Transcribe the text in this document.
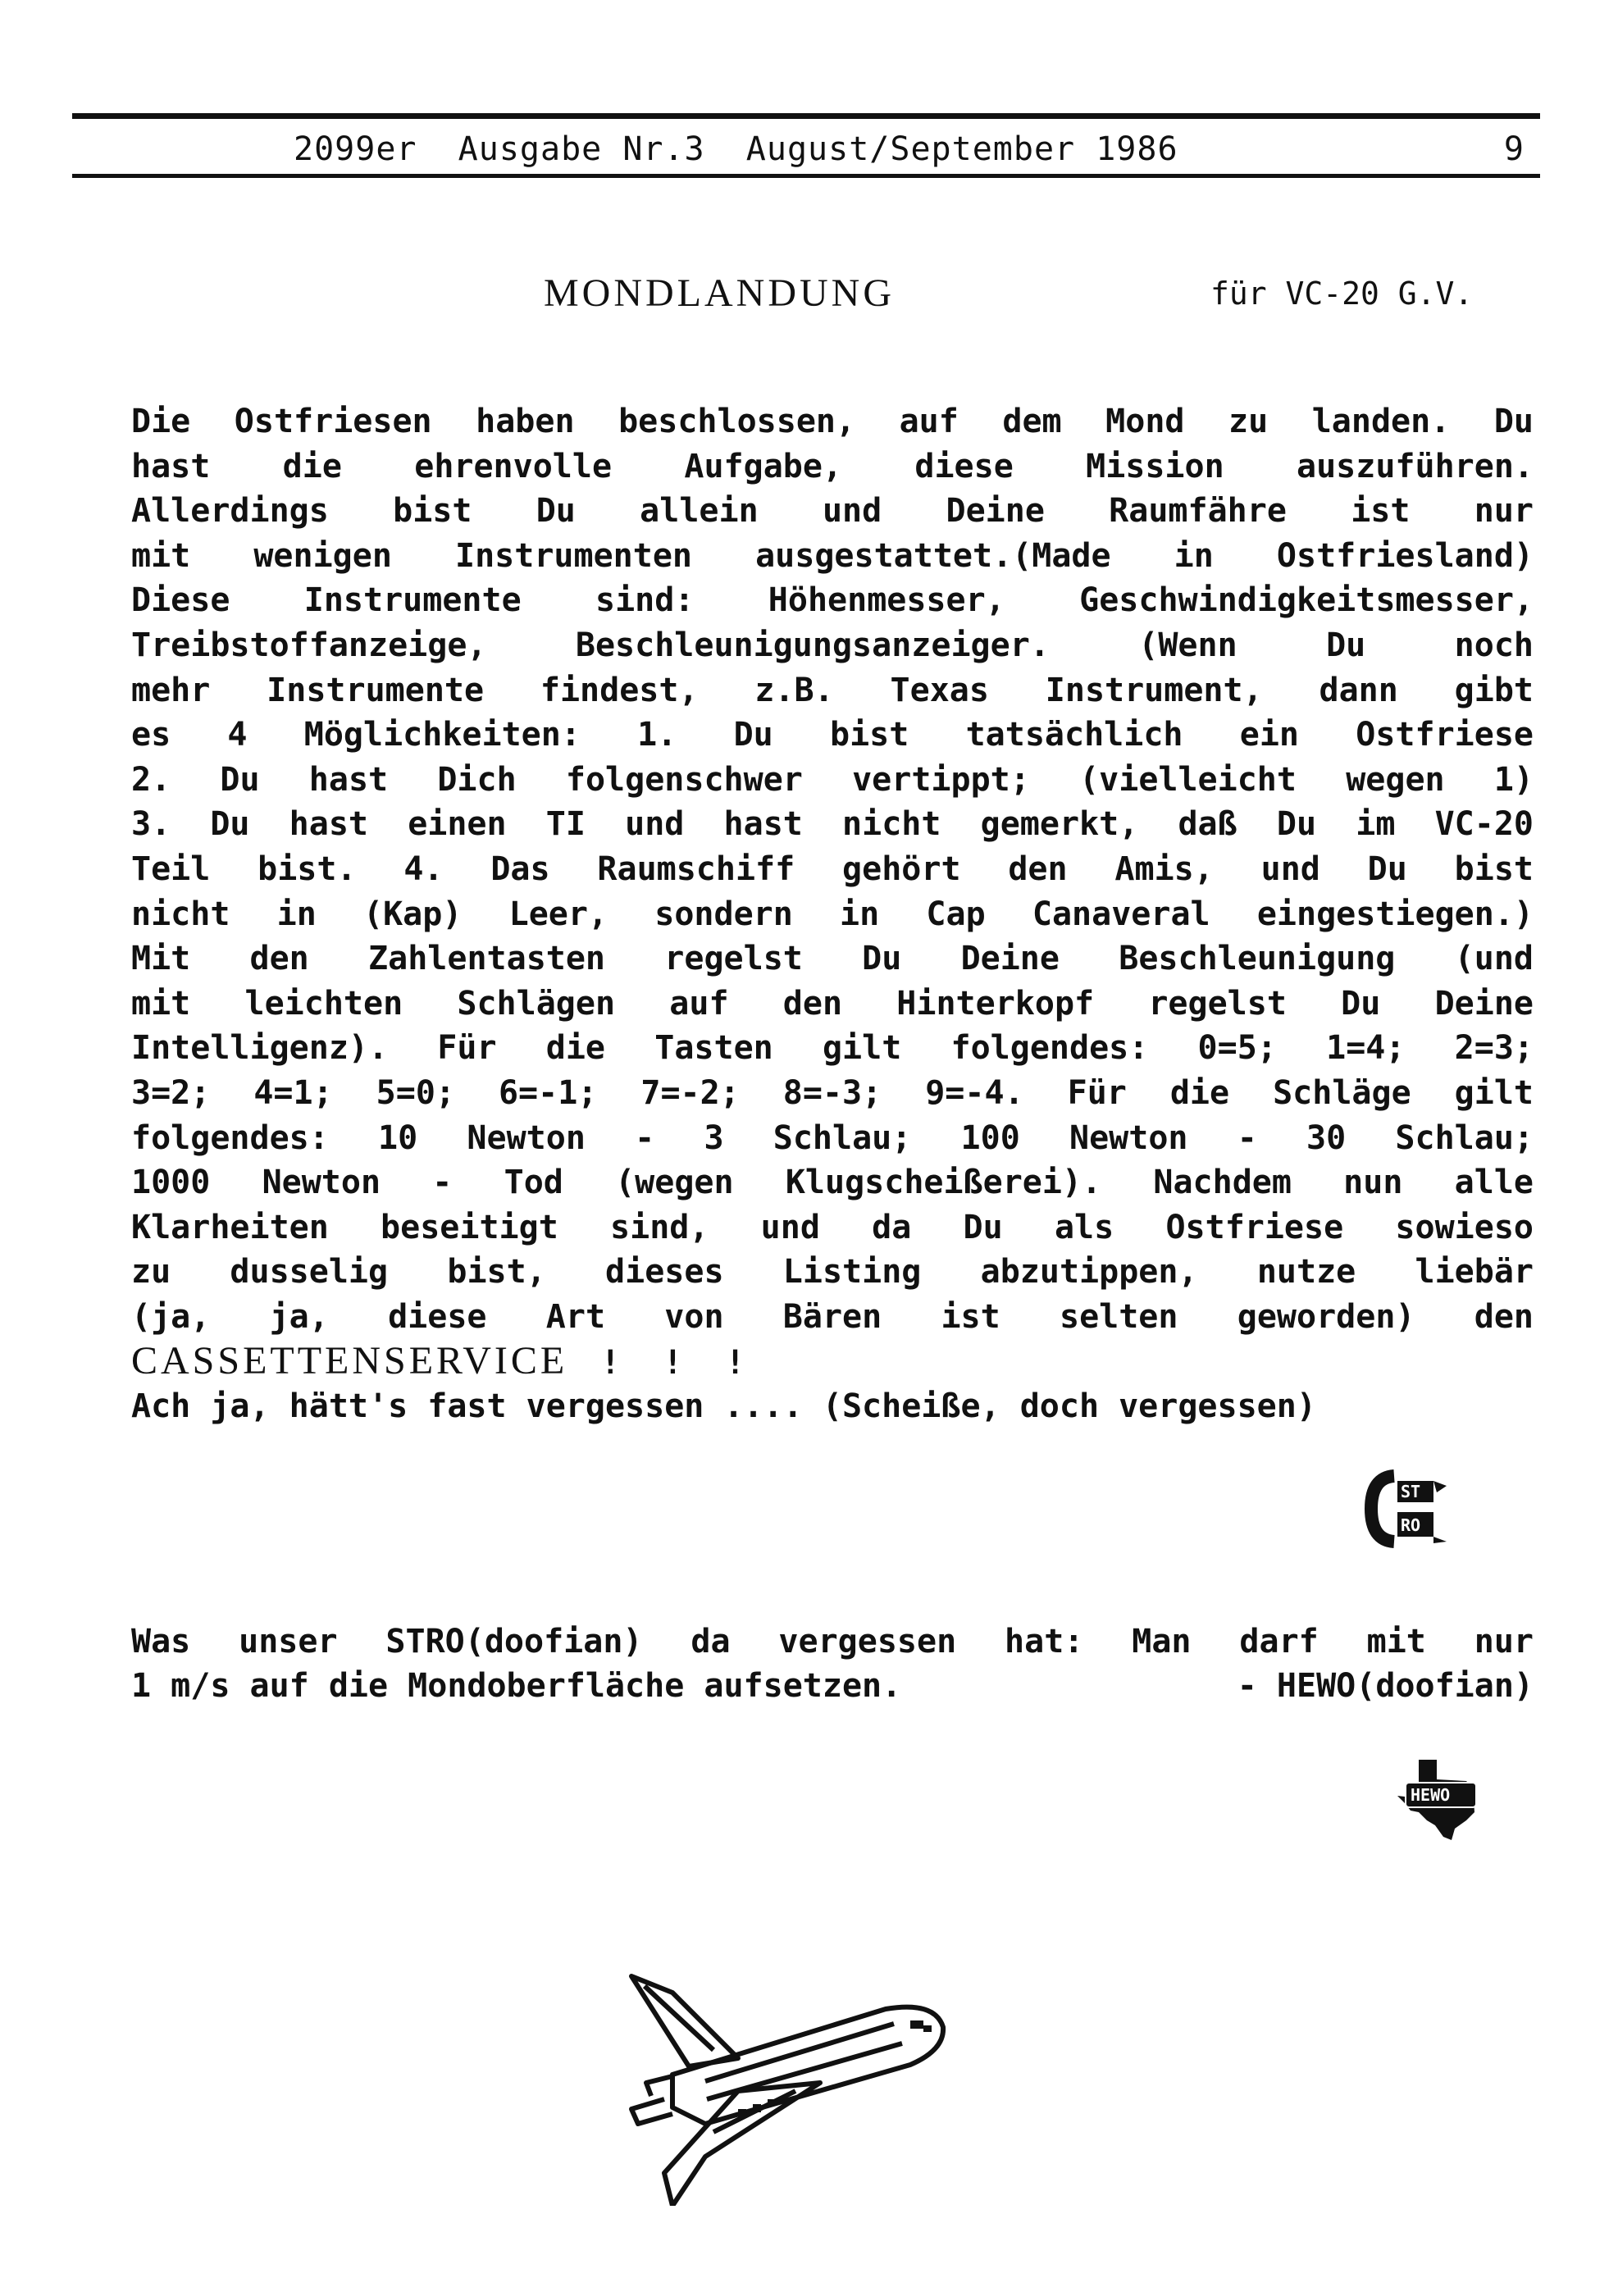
2099er  Ausgabe Nr.3  August/September 1986	9
MONDLANDUNG	für VC-20 G.V.
Die Ostfriesen haben beschlossen, auf dem Mond zu landen. Du
hast die ehrenvolle Aufgabe, diese Mission auszuführen.
Allerdings bist Du allein und Deine Raumfähre ist nur
mit wenigen Instrumenten ausgestattet.(Made in Ostfriesland)
Diese Instrumente sind: Höhenmesser, Geschwindigkeitsmesser,
Treibstoffanzeige, Beschleunigungsanzeiger. (Wenn Du noch
mehr Instrumente findest, z.B. Texas Instrument, dann gibt
es 4 Möglichkeiten: 1. Du bist tatsächlich ein Ostfriese
2. Du hast Dich folgenschwer vertippt; (vielleicht wegen 1)
3. Du hast einen TI und hast nicht gemerkt, daß Du im VC-20
Teil bist. 4. Das Raumschiff gehört den Amis, und Du bist
nicht in (Kap) Leer, sondern in Cap Canaveral eingestiegen.)
Mit den Zahlentasten regelst Du Deine Beschleunigung (und
mit leichten Schlägen auf den Hinterkopf regelst Du Deine
Intelligenz). Für die Tasten gilt folgendes: 0=5; 1=4; 2=3;
3=2; 4=1; 5=0; 6=-1; 7=-2; 8=-3; 9=-4. Für die Schläge gilt
folgendes: 10 Newton - 3 Schlau; 100 Newton - 30 Schlau;
1000 Newton - Tod (wegen Klugscheißerei). Nachdem nun alle
Klarheiten beseitigt sind, und da Du als Ostfriese sowieso
zu dusselig bist, dieses Listing abzutippen, nutze liebär
(ja, ja, diese Art von Bären ist selten geworden) den
CASSETTENSERVICE ! ! !
Ach ja, hätt's fast vergessen .... (Scheiße, doch vergessen)
ST
RO
Was unser STRO(doofian) da vergessen hat: Man darf mit nur
1 m/s auf die Mondoberfläche aufsetzen.	- HEWO(doofian)
HEWO
